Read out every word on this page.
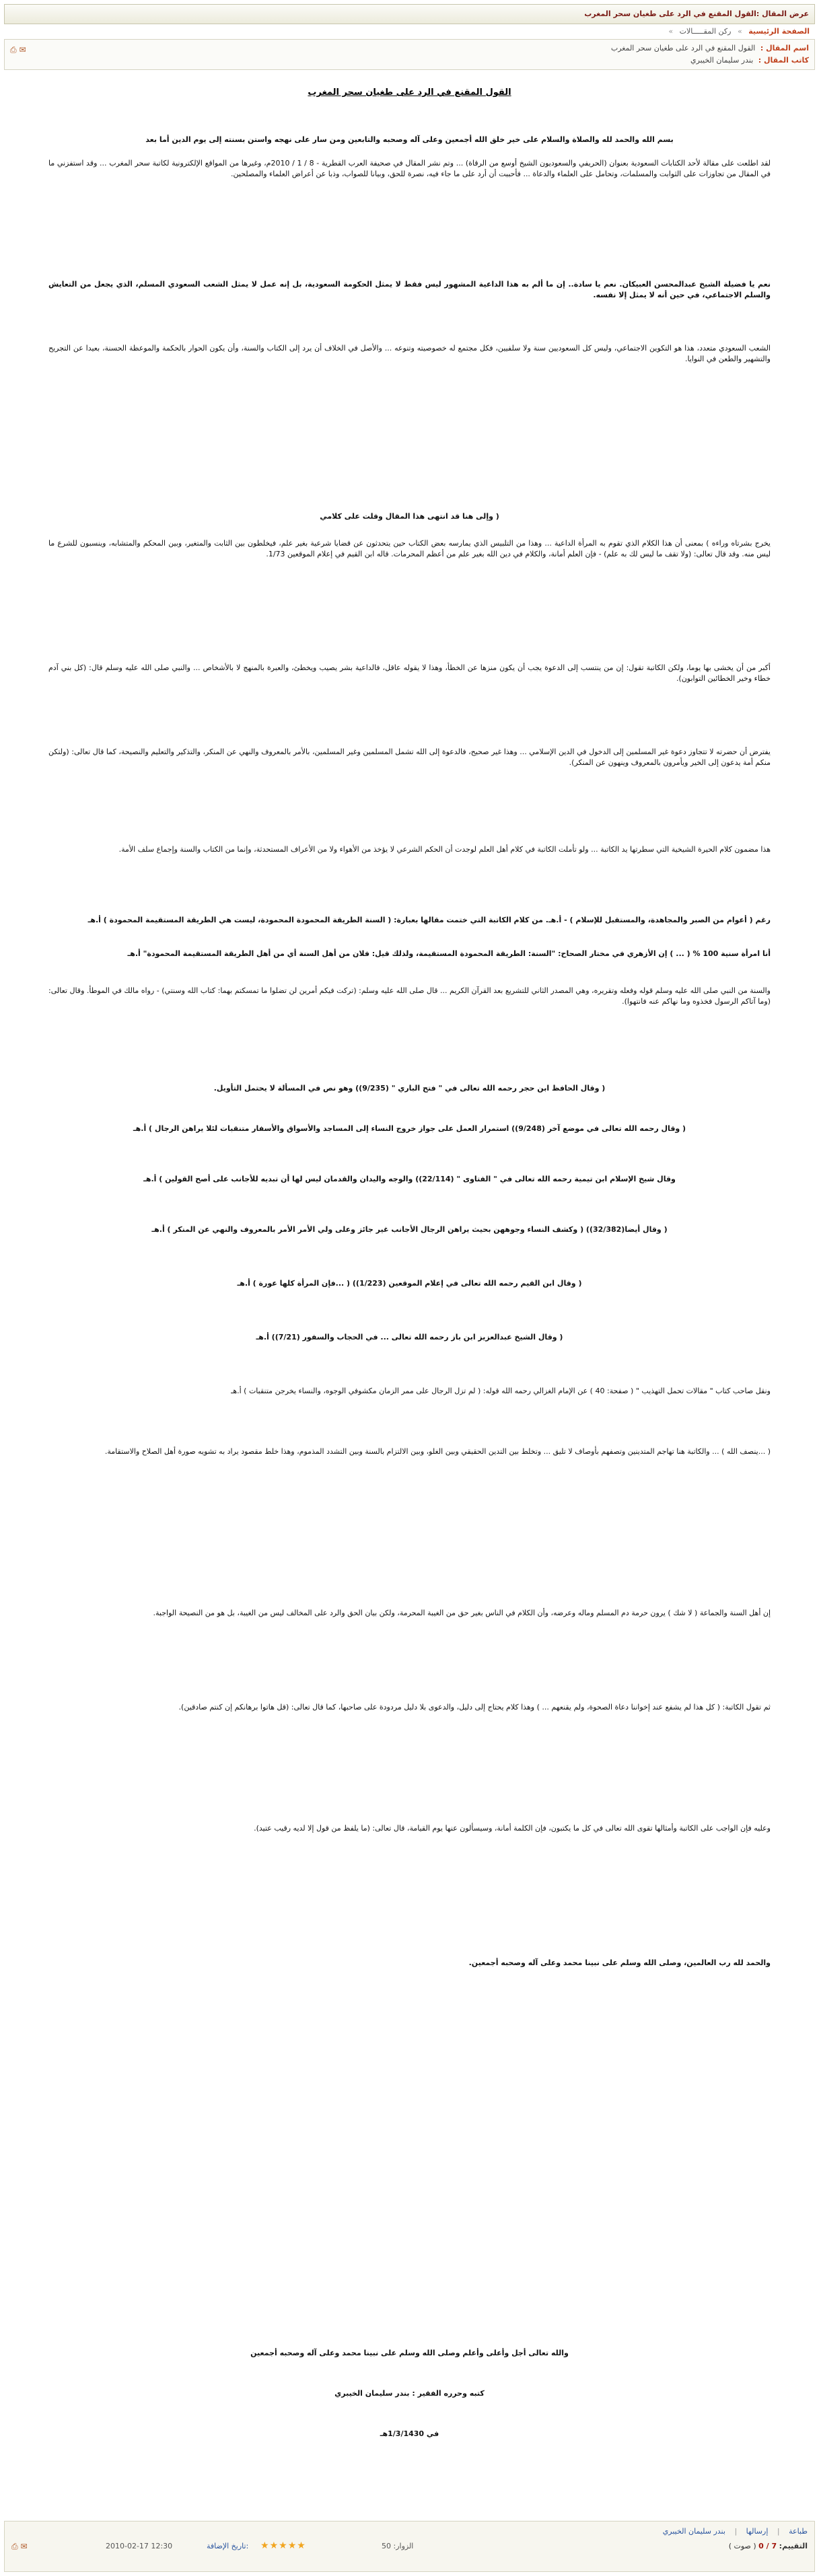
عرض المقال :القول المقنع في الرد على طغيان سحر المغرب
الصفحة الرئيسية » ركن المقـــــالات »
اسم المقال : القول المقنع في الرد على طغيان سحر المغرب
كاتب المقال : بندر سليمان الخيبري
⎙ ✉
القول المقنع في الرد على طغيان سحر المغرب
بسم الله والحمد لله والصلاة والسلام على خير خلق الله أجمعين وعلى آله وصحبه والتابعين ومن سار على نهجه واستن بسنته إلى يوم الدين أما بعد
لقد اطلعت على مقالة لأحد الكتابات السعودية بعنوان (الحريفي والسعوديون الشيخ أوسع من الرقاة) ... وتم نشر المقال في صحيفة العرب القطرية - 8 / 1 / 2010م، وغيرها من المواقع الإلكترونية لكاتبة سحر المغرب ... وقد استفزني ما في المقال من تجاوزات على الثوابت والمسلمات، وتحامل على العلماء والدعاة ... فأحببت أن أرد على ما جاء فيه، نصرة للحق، وبيانا للصواب، وذبا عن أعراض العلماء والمصلحين.
نعم يا فضيلة الشيخ عبدالمحسن العبيكان. نعم يا سادة.. إن ما ألم به هذا الداعية المشهور ليس فقط لا يمثل الحكومة السعودية، بل إنه عمل لا يمثل الشعب السعودي المسلم، الذي يجعل من التعايش والسلم الاجتماعي، في حين أنه لا يمثل إلا نفسه.
الشعب السعودي متعدد، هذا هو التكوين الاجتماعي، وليس كل السعوديين سنة ولا سلفيين، فكل مجتمع له خصوصيته وتنوعه ... والأصل في الخلاف أن يرد إلى الكتاب والسنة، وأن يكون الحوار بالحكمة والموعظة الحسنة، بعيدا عن التجريح والتشهير والطعن في النوايا.
( وإلى هنا قد انتهى هذا المقال وقلت على كلامي
يخرج بشرتاه وراءه ) بمعنى أن هذا الكلام الذي تقوم به المرأة الداعية ... وهذا من التلبيس الذي يمارسه بعض الكتاب حين يتحدثون عن قضايا شرعية بغير علم، فيخلطون بين الثابت والمتغير، وبين المحكم والمتشابه، وينسبون للشرع ما ليس منه. وقد قال تعالى: (ولا تقف ما ليس لك به علم) - فإن العلم أمانة، والكلام في دين الله بغير علم من أعظم المحرمات. قاله ابن القيم في إعلام الموقعين 1/73.
أكبر من أن يخشى بها يوما، ولكن الكاتبة تقول: إن من ينتسب إلى الدعوة يجب أن يكون منزها عن الخطأ، وهذا لا يقوله عاقل، فالداعية بشر يصيب ويخطئ، والعبرة بالمنهج لا بالأشخاص ... والنبي صلى الله عليه وسلم قال: (كل بني آدم خطاء وخير الخطائين التوابون).
يفترض أن حضرته لا تتجاوز دعوة غير المسلمين إلى الدخول في الدين الإسلامي ... وهذا غير صحيح، فالدعوة إلى الله تشمل المسلمين وغير المسلمين، بالأمر بالمعروف والنهي عن المنكر، والتذكير والتعليم والنصيحة، كما قال تعالى: (ولتكن منكم أمة يدعون إلى الخير ويأمرون بالمعروف وينهون عن المنكر).
هذا مضمون كلام الحيرة الشيخية التي سطرتها يد الكاتبة ... ولو تأملت الكاتبة في كلام أهل العلم لوجدت أن الحكم الشرعي لا يؤخذ من الأهواء ولا من الأعراف المستحدثة، وإنما من الكتاب والسنة وإجماع سلف الأمة.
رغم ( أعوام من الصبر والمجاهدة، والمستقبل للإسلام ) - أ.هـ. من كلام الكاتبة التي ختمت مقالها بعبارة: ( السنة الطريقة المحمودة المحمودة، ليست هي الطريقة المستقيمة المحمودة ) أ.هـ
أنا امرأة سنية 100 % ( ... ) إن الأزهري في مختار الصحاح: "السنة: الطريقة المحمودة المستقيمة، ولذلك قيل: فلان من أهل السنة أي من أهل الطريقة المستقيمة المحمودة" أ.هـ
والسنة من النبي صلى الله عليه وسلم قوله وفعله وتقريره، وهي المصدر الثاني للتشريع بعد القرآن الكريم ... قال صلى الله عليه وسلم: (تركت فيكم أمرين لن تضلوا ما تمسكتم بهما: كتاب الله وسنتي) - رواه مالك في الموطأ. وقال تعالى: (وما آتاكم الرسول فخذوه وما نهاكم عنه فانتهوا).
( وقال الحافظ ابن حجر رحمه الله تعالى في " فتح الباري " (9/235)) وهو نص في المسألة لا يحتمل التأويل.
( وقال رحمه الله تعالى في موضع آخر (9/248)) استمرار العمل على جواز خروج النساء إلى المساجد والأسواق والأسفار متنقبات لئلا يراهن الرجال ) أ.هـ
وقال شيخ الإسلام ابن تيمية رحمه الله تعالى في " الفتاوى " (22/114)) والوجه واليدان والقدمان ليس لها أن تبديه للأجانب على أصح القولين ) أ.هـ
( وقال أيضا(32/382)) ( وكشف النساء وجوههن بحيث يراهن الرجال الأجانب غير جائز وعلى ولي الأمر الأمر بالمعروف والنهي عن المنكر ) أ.هـ
( وقال ابن القيم رحمه الله تعالى في إعلام الموقعين (1/223)) ( ...فإن المرأة كلها عورة ) أ.هـ
( وقال الشيخ عبدالعزيز ابن باز رحمه الله تعالى ... في الحجاب والسفور (7/21)) أ.هـ
ونقل صاحب كتاب " مقالات تحمل التهذيب " ( صفحة: 40 ) عن الإمام الغزالي رحمه الله قوله: ( لم تزل الرجال على ممر الزمان مكشوفي الوجوه، والنساء يخرجن متنقبات ) أ.هـ
( ...ينصف الله ) ... والكاتبة هنا تهاجم المتدينين وتصفهم بأوصاف لا تليق ... وتخلط بين التدين الحقيقي وبين الغلو، وبين الالتزام بالسنة وبين التشدد المذموم، وهذا خلط مقصود يراد به تشويه صورة أهل الصلاح والاستقامة.
إن أهل السنة والجماعة ( لا شك ) يرون حرمة دم المسلم وماله وعرضه، وأن الكلام في الناس بغير حق من الغيبة المحرمة، ولكن بيان الحق والرد على المخالف ليس من الغيبة، بل هو من النصيحة الواجبة.
ثم تقول الكاتبة: ( كل هذا لم يشفع عند إخواننا دعاة الصحوة، ولم يقنعهم ... ) وهذا كلام يحتاج إلى دليل، والدعوى بلا دليل مردودة على صاحبها، كما قال تعالى: (قل هاتوا برهانكم إن كنتم صادقين).
وعليه فإن الواجب على الكاتبة وأمثالها تقوى الله تعالى في كل ما يكتبون، فإن الكلمة أمانة، وسيسألون عنها يوم القيامة، قال تعالى: (ما يلفظ من قول إلا لديه رقيب عتيد).
والحمد لله رب العالمين، وصلى الله وسلم على نبينا محمد وعلى آله وصحبه أجمعين.
والله تعالى أجل وأعلى وأعلم وصلى الله وسلم على نبينا محمد وعلى آله وصحبه أجمعين
كتبه وحرره الفقير : بندر سليمان الخيبري
في 1/3/1430هـ
طباعة | إرسالها | بندر سليمان الخيبري
التقييم: 7 / 0 ( صوت )
الزوار: 50
★★★★★
تاريخ الإضافة:
2010-02-17 12:30
⎙ ✉
